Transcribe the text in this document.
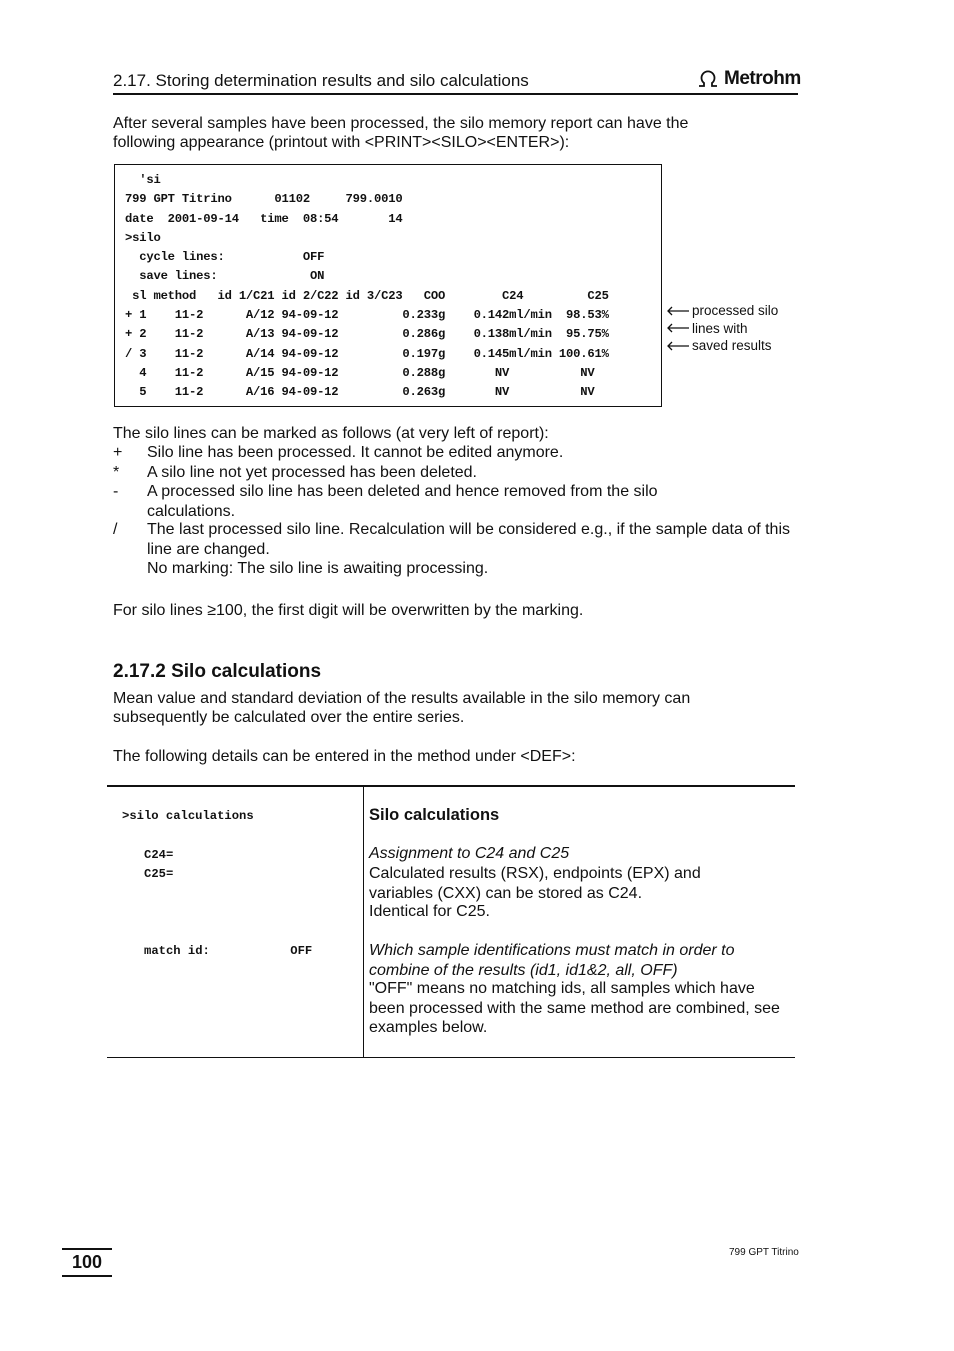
2.17. Storing determination results and silo calculations	Metrohm
After several samples have been processed, the silo memory report can have the
following appearance (printout with <PRINT><SILO><ENTER>):
'si
799 GPT Titrino      01102     799.0010
date  2001-09-14   time  08:54       14
>silo
cycle lines:           OFF
save lines:             ON
sl method   id 1/C21 id 2/C22 id 3/C23   COO        C24         C25
+ 1    11-2      A/12 94-09-12         0.233g    0.142ml/min  98.53%
+ 2    11-2      A/13 94-09-12         0.286g    0.138ml/min  95.75%
/ 3    11-2      A/14 94-09-12         0.197g    0.145ml/min 100.61%
4    11-2      A/15 94-09-12         0.288g       NV          NV
5    11-2      A/16 94-09-12         0.263g       NV          NV
processed silo
lines with
saved results
The silo lines can be marked as follows (at very left of report):
+	Silo line has been processed. It cannot be edited anymore.
*	A silo line not yet processed has been deleted.
-	A processed silo line has been deleted and hence removed from the silo calculations.
/	The last processed silo line. Recalculation will be considered e.g., if the sample data of this line are changed.
No marking: The silo line is awaiting processing.
For silo lines ≥100, the first digit will be overwritten by the marking.
2.17.2 Silo calculations
Mean value and standard deviation of the results available in the silo memory can
subsequently be calculated over the entire series.
The following details can be entered in the method under <DEF>:
>silo calculations
C24=
C25=
match id:           OFF
Silo calculations
Assignment to C24 and C25
Calculated results (RSX), endpoints (EPX) and variables (CXX) can be stored as C24.
Identical for C25.
Which sample identifications must match in order to combine of the results (id1, id1&2, all, OFF)
"OFF" means no matching ids, all samples which have been processed with the same method are combined, see examples below.
100	799 GPT Titrino
